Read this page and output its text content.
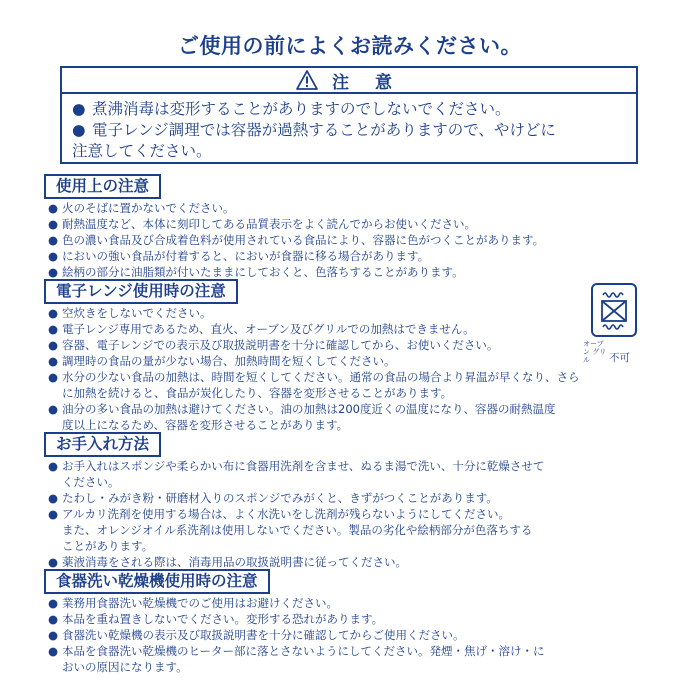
ご使用の前によくお読みください。
注 意
● 煮沸消毒は変形することがありますのでしないでください。
● 電子レンジ調理では容器が過熱することがありますので、やけどに
注意してください。
使用上の注意
● 火のそばに置かないでください。
● 耐熱温度など、本体に刻印してある品質表示をよく読んでからお使いください。
● 色の濃い食品及び合成着色料が使用されている食品により、容器に色がつくことがあります。
● においの強い食品が付着すると、においが食器に移る場合があります。
● 絵柄の部分に油脂類が付いたままにしておくと、色落ちすることがあります。
電子レンジ使用時の注意
● 空炊きをしないでください。
● 電子レンジ専用であるため、直火、オーブン及びグリルでの加熱はできません。
● 容器、電子レンジでの表示及び取扱説明書を十分に確認してから、お使いください。
● 調理時の食品の量が少ない場合、加熱時間を短くしてください。
● 水分の少ない食品の加熱は、時間を短くしてください。通常の食品の場合より昇温が早くなり、さら
に加熱を続けると、食品が炭化したり、容器を変形させることがあります。
● 油分の多い食品の加熱は避けてください。油の加熱は200度近くの温度になり、容器の耐熱温度
度以上になるため、容器を変形させることがあります。
オーブン グリル	不可
お手入れ方法
● お手入れはスポンジや柔らかい布に食器用洗剤を含ませ、ぬるま湯で洗い、十分に乾燥させて
ください。
● たわし・みがき粉・研磨材入りのスポンジでみがくと、きずがつくことがあります。
● アルカリ洗剤を使用する場合は、よく水洗いをし洗剤が残らないようにしてください。
また、オレンジオイル系洗剤は使用しないでください。製品の劣化や絵柄部分が色落ちする
ことがあります。
● 薬液消毒をされる際は、消毒用品の取扱説明書に従ってください。
食器洗い乾燥機使用時の注意
● 業務用食器洗い乾燥機でのご使用はお避けください。
● 本品を重ね置きしないでください。変形する恐れがあります。
● 食器洗い乾燥機の表示及び取扱説明書を十分に確認してからご使用ください。
● 本品を食器洗い乾燥機のヒーター部に落とさないようにしてください。発煙・焦げ・溶け・に
おいの原因になります。
